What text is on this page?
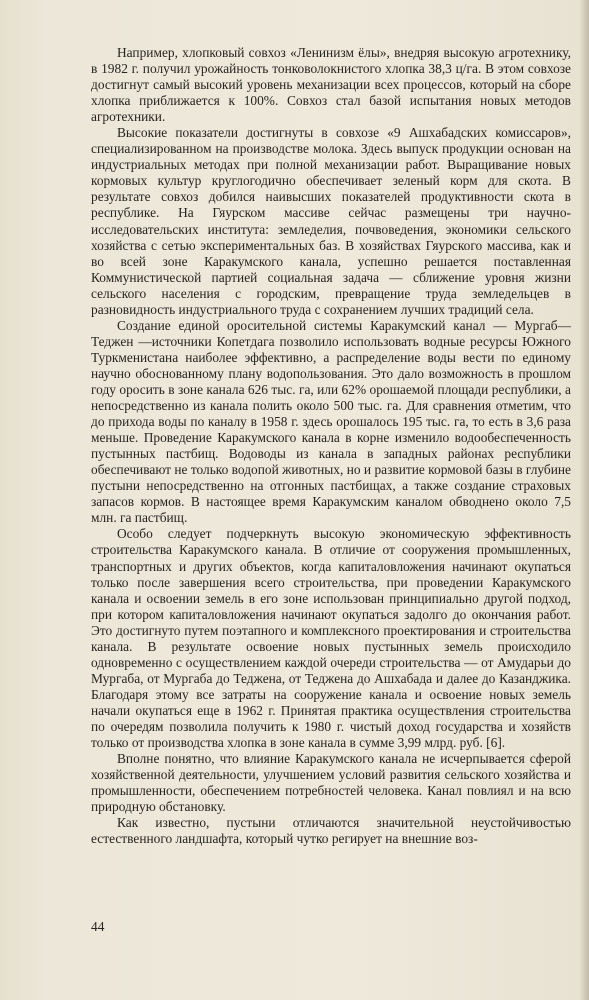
Например, хлопковый совхоз «Ленинизм ёлы», внедряя высокую агротехнику, в 1982 г. получил урожайность тонковолокнистого хлопка 38,3 ц/га. В этом совхозе достигнут самый высокий уровень механизации всех процессов, который на сборе хлопка приближается к 100%. Совхоз стал базой испытания новых методов агротехники.

Высокие показатели достигнуты в совхозе «9 Ашхабадских комиссаров», специализированном на производстве молока. Здесь выпуск продукции основан на индустриальных методах при полной механизации работ. Выращивание новых кормовых культур круглогодично обеспечивает зеленый корм для скота. В результате совхоз добился наивысших показателей продуктивности скота в республике. На Гяурском массиве сейчас размещены три научно-исследовательских института: земледелия, почвоведения, экономики сельского хозяйства с сетью экспериментальных баз. В хозяйствах Гяурского массива, как и во всей зоне Каракумского канала, успешно решается поставленная Коммунистической партией социальная задача — сближение уровня жизни сельского населения с городским, превращение труда земледельцев в разновидность индустриального труда с сохранением лучших традиций села.

Создание единой оросительной системы Каракумский канал — Мургаб—Теджен —источники Копетдага позволило использовать водные ресурсы Южного Туркменистана наиболее эффективно, а распределение воды вести по единому научно обоснованному плану водопользования. Это дало возможность в прошлом году оросить в зоне канала 626 тыс. га, или 62% орошаемой площади республики, а непосредственно из канала полить около 500 тыс. га. Для сравнения отметим, что до прихода воды по каналу в 1958 г. здесь орошалось 195 тыс. га, то есть в 3,6 раза меньше. Проведение Каракумского канала в корне изменило водообеспеченность пустынных пастбищ. Водоводы из канала в западных районах республики обеспечивают не только водопой животных, но и развитие кормовой базы в глубине пустыни непосредственно на отгонных пастбищах, а также создание страховых запасов кормов. В настоящее время Каракумским каналом обводнено около 7,5 млн. га пастбищ.

Особо следует подчеркнуть высокую экономическую эффективность строительства Каракумского канала. В отличие от сооружения промышленных, транспортных и других объектов, когда капиталовложения начинают окупаться только после завершения всего строительства, при проведении Каракумского канала и освоении земель в его зоне использован принципиально другой подход, при котором капиталовложения начинают окупаться задолго до окончания работ. Это достигнуто путем поэтапного и комплексного проектирования и строительства канала. В результате освоение новых пустынных земель происходило одновременно с осуществлением каждой очереди строительства — от Амударьи до Мургаба, от Мургаба до Теджена, от Теджена до Ашхабада и далее до Казанджика. Благодаря этому все затраты на сооружение канала и освоение новых земель начали окупаться еще в 1962 г. Принятая практика осуществления строительства по очередям позволила получить к 1980 г. чистый доход государства и хозяйств только от производства хлопка в зоне канала в сумме 3,99 млрд. руб. [6].

Вполне понятно, что влияние Каракумского канала не исчерпывается сферой хозяйственной деятельности, улучшением условий развития сельского хозяйства и промышленности, обеспечением потребностей человека. Канал повлиял и на всю природную обстановку.

Как известно, пустыни отличаются значительной неустойчивостью естественного ландшафта, который чутко регирует на внешние воз-

44
